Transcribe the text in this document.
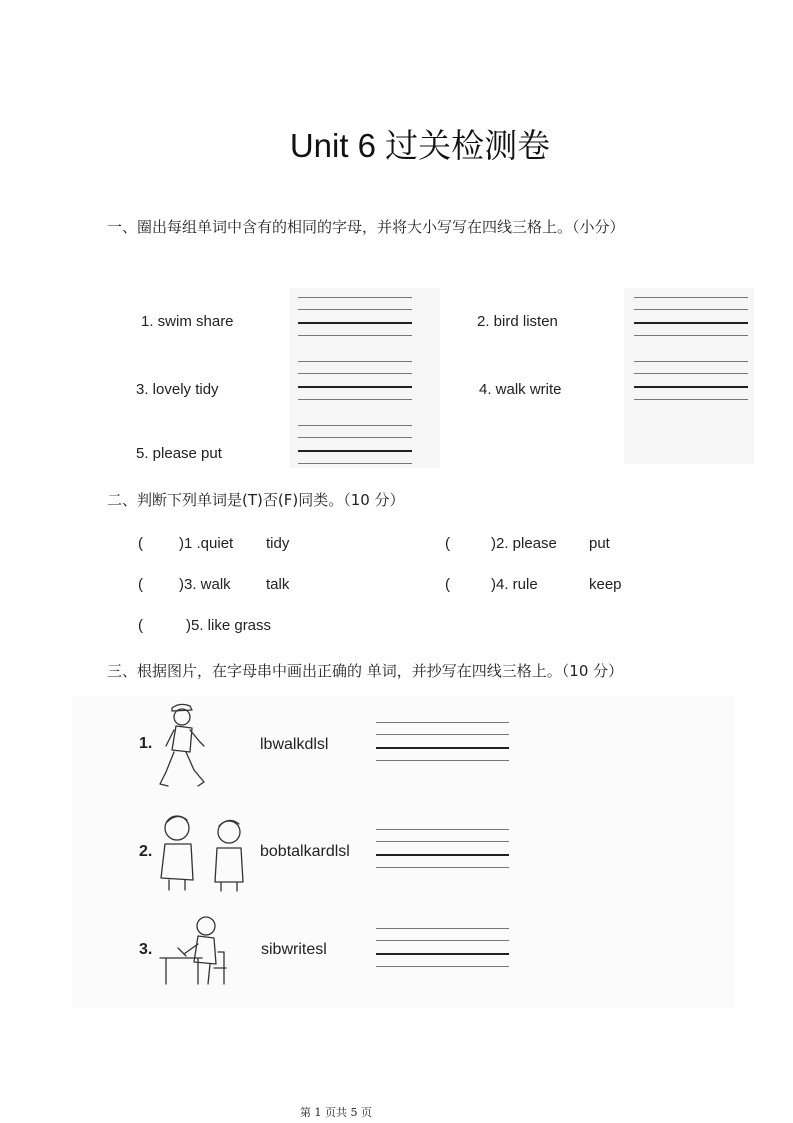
Unit 6 过关检测卷
一、圈出每组单词中含有的相同的字母，并将大小写写在四线三格上。（小分）
1. swim share	2. bird listen
3. lovely tidy	4. walk write
5. please put
二、判断下列单词是(T)否(F)同类。（10 分）
( )1 .quiet tidy	(	)2. please put
( )3. walk talk	(	)4. rule	keep
(	)5. like grass
三、根据图片，在字母串中画出正确的 单词，并抄写在四线三格上。（10 分）
1.	lbwalkdlsl
2.	bobtalkardlsl
3.	sibwritesl
第 1 页共 5 页
